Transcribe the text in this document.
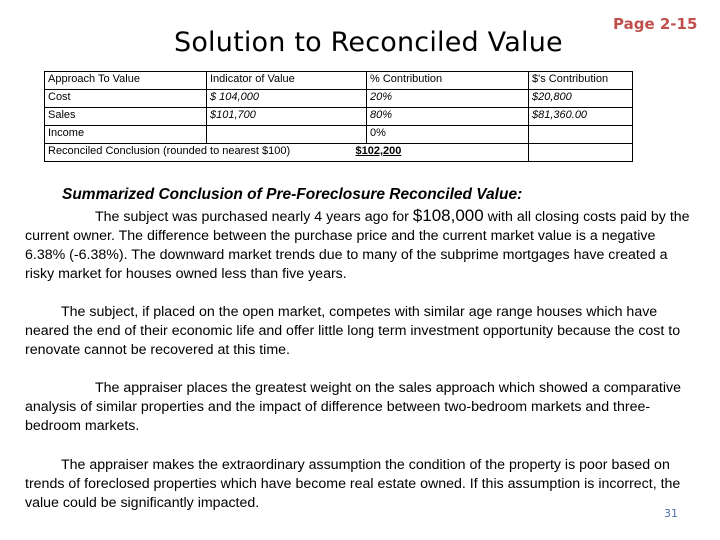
Solution to Reconciled Value
Page 2-15
Approach To Value	Indicator of Value	% Contribution	$'s Contribution
Cost	$ 104,000	20%	$20,800
Sales	$101,700	80%	$81,360.00
Income		0%	
Reconciled Conclusion (rounded to nearest $100)		$102,200	
Summarized Conclusion of Pre-Foreclosure Reconciled Value:
The subject was purchased nearly 4 years ago for $108,000 with all closing costs paid by the current owner. The difference between the purchase price and the current market value is a negative 6.38% (-6.38%). The downward market trends due to many of the subprime mortgages have created a risky market for houses owned less than five years.
The subject, if placed on the open market, competes with similar age range houses which have neared the end of their economic life and offer little long term investment opportunity because the cost to renovate cannot be recovered at this time.
The appraiser places the greatest weight on the sales approach which showed a comparative analysis of similar properties and the impact of difference between two-bedroom markets and three-bedroom markets.
The appraiser makes the extraordinary assumption the condition of the property is poor based on trends of foreclosed properties which have become real estate owned. If this assumption is incorrect, the value could be significantly impacted.
31
